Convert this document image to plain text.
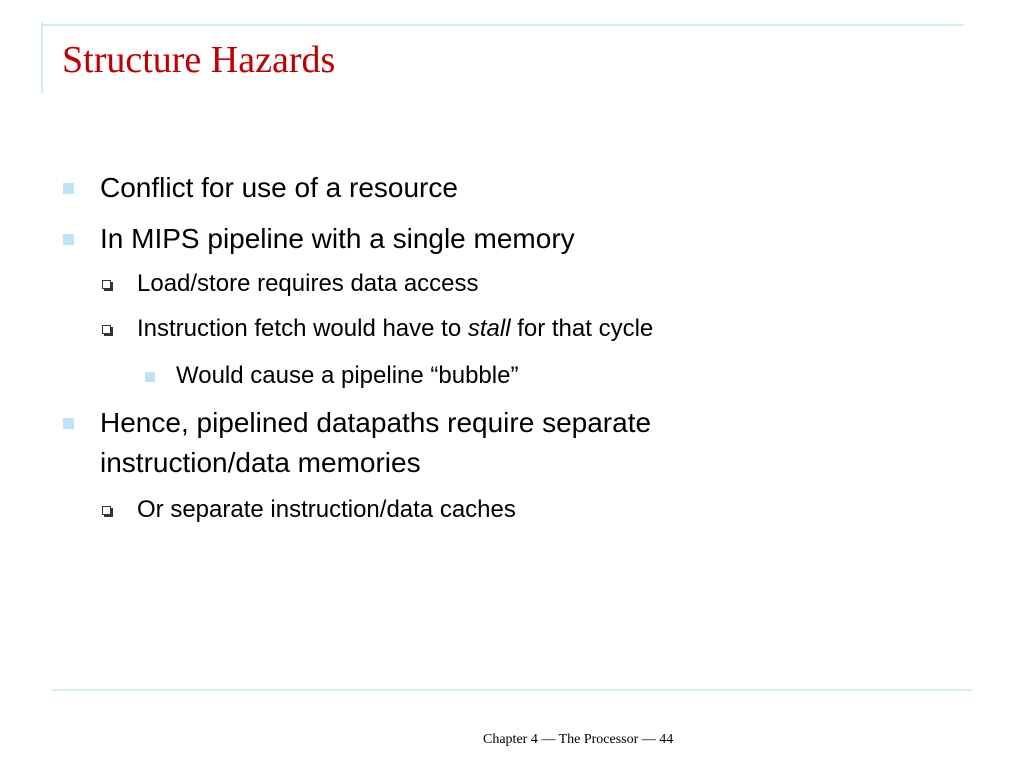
Structure Hazards
Conflict for use of a resource
In MIPS pipeline with a single memory
Load/store requires data access
Instruction fetch would have to stall for that cycle
Would cause a pipeline “bubble”
Hence, pipelined datapaths require separate
instruction/data memories
Or separate instruction/data caches
Chapter 4 — The Processor — 44
